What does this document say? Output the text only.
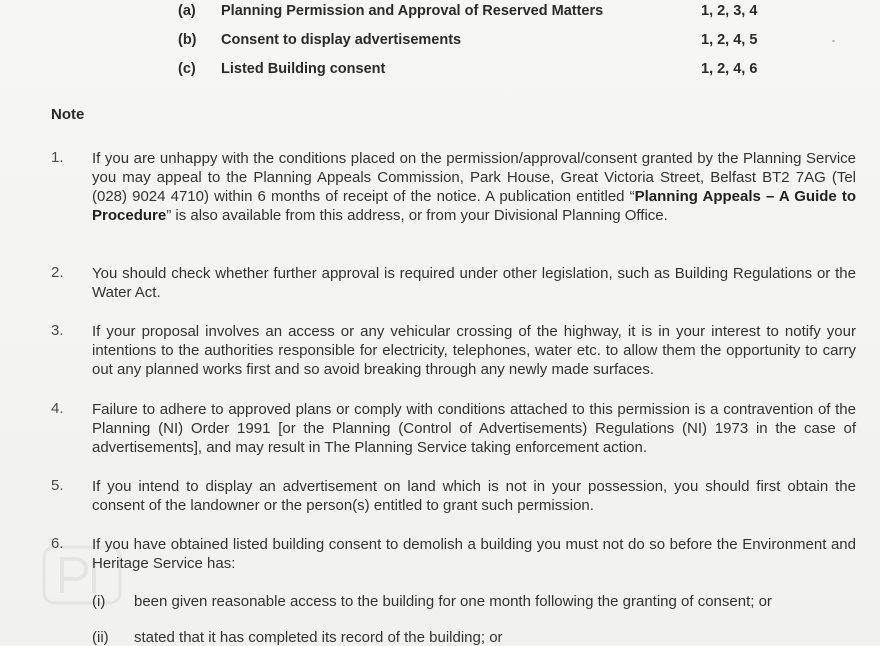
(a) Planning Permission and Approval of Reserved Matters	1, 2, 3, 4
(b) Consent to display advertisements	1, 2, 4, 5
(c) Listed Building consent	1, 2, 4, 6
Note
1. If you are unhappy with the conditions placed on the permission/approval/consent granted by the Planning Service you may appeal to the Planning Appeals Commission, Park House, Great Victoria Street, Belfast BT2 7AG (Tel (028) 9024 4710) within 6 months of receipt of the notice. A publication entitled “Planning Appeals – A Guide to Procedure” is also available from this address, or from your Divisional Planning Office.
2. You should check whether further approval is required under other legislation, such as Building Regulations or the Water Act.
3. If your proposal involves an access or any vehicular crossing of the highway, it is in your interest to notify your intentions to the authorities responsible for electricity, telephones, water etc. to allow them the opportunity to carry out any planned works first and so avoid breaking through any newly made surfaces.
4. Failure to adhere to approved plans or comply with conditions attached to this permission is a contravention of the Planning (NI) Order 1991 [or the Planning (Control of Advertisements) Regulations (NI) 1973 in the case of advertisements], and may result in The Planning Service taking enforcement action.
5. If you intend to display an advertisement on land which is not in your possession, you should first obtain the consent of the landowner or the person(s) entitled to grant such permission.
6. If you have obtained listed building consent to demolish a building you must not do so before the Environment and Heritage Service has:
(i) been given reasonable access to the building for one month following the granting of consent; or
(ii) stated that it has completed its record of the building; or
